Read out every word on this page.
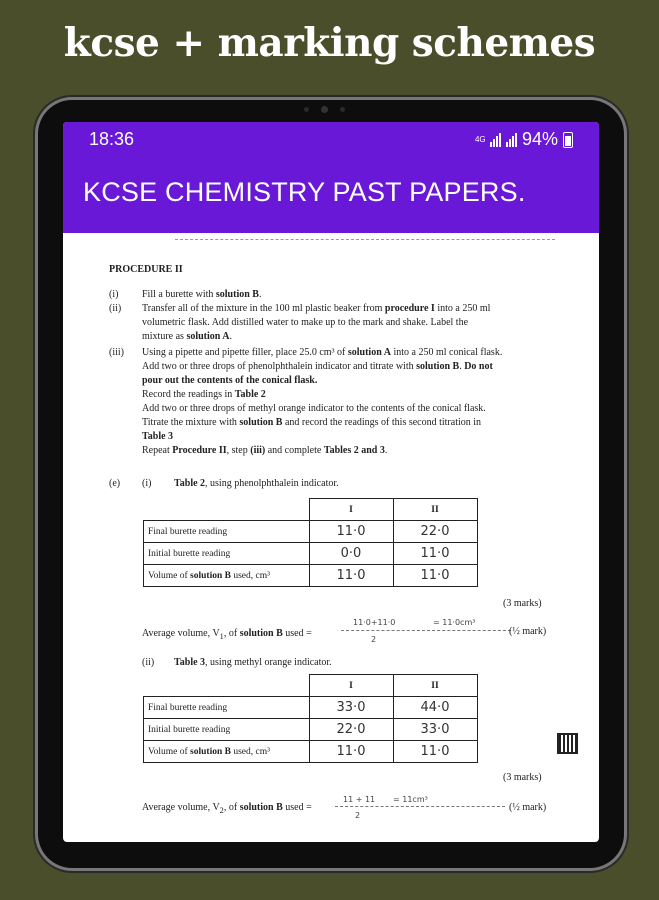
kcse + marking schemes
18:36	4G 94%
KCSE CHEMISTRY PAST PAPERS.
PROCEDURE II
(i) Fill a burette with solution B.
(ii) Transfer all of the mixture in the 100 ml plastic beaker from procedure I into a 250 ml
volumetric flask. Add distilled water to make up to the mark and shake. Label the
mixture as solution A.
(iii) Using a pipette and pipette filler, place 25.0 cm³ of solution A into a 250 ml conical flask.
Add two or three drops of phenolphthalein indicator and titrate with solution B. Do not
pour out the contents of the conical flask.
Record the readings in Table 2
Add two or three drops of methyl orange indicator to the contents of the conical flask.
Titrate the mixture with solution B and record the readings of this second titration in
Table 3
Repeat Procedure II, step (iii) and complete Tables 2 and 3.
(e) (i) Table 2, using phenolphthalein indicator.
	I	II
Final burette reading	11·0	22·0
Initial burette reading	0·0	11·0
Volume of solution B used, cm³	11·0	11·0
(3 marks)
Average volume, $V_1$, of solution B used =
11·0+11·0
2
= 11·0cm³
(½ mark)
(ii) Table 3, using methyl orange indicator.
	I	II
Final burette reading	33·0	44·0
Initial burette reading	22·0	33·0
Volume of solution B used, cm³	11·0	11·0
(3 marks)
Average volume, $V_2$, of solution B used =
11 + 11
2
= 11cm³
(½ mark)
